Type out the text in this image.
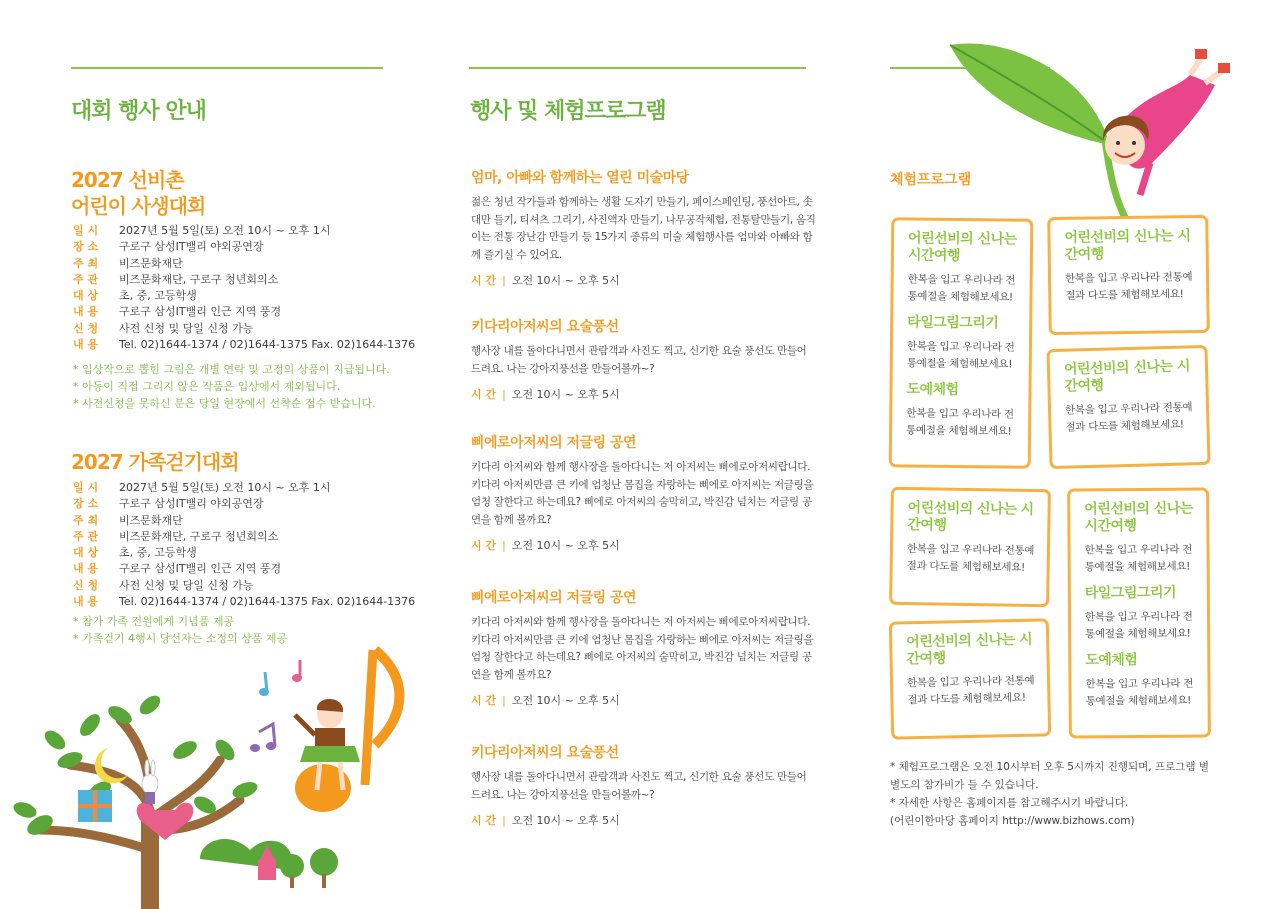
대회 행사 안내
2027 선비촌
어린이 사생대회
일 시	2027년 5월 5일(토) 오전 10시 ~ 오후 1시
장 소	구로구 삼성IT밸리 야외공연장
주 최	비즈문화재단
주 관	비즈문화재단, 구로구 청년회의소
대 상	초, 중, 고등학생
내 용	구로구 삼성IT밸리 인근 지역 풍경
신 청	사전 신청 및 당일 신청 가능
내 용	Tel. 02)1644-1374 / 02)1644-1375 Fax. 02)1644-1376
* 입상작으로 뽑힌 그림은 개별 연락 및 고정의 상품이 지급됩니다.
* 아동이 직접 그리지 않은 작품은 입상에서 제외됩니다.
* 사전신청을 못하신 분은 당일 현장에서 선착순 접수 받습니다.
2027 가족걷기대회
일 시	2027년 5월 5일(토) 오전 10시 ~ 오후 1시
장 소	구로구 삼성IT밸리 야외공연장
주 최	비즈문화재단
주 관	비즈문화재단, 구로구 청년회의소
대 상	초, 중, 고등학생
내 용	구로구 삼성IT밸리 인근 지역 풍경
신 청	사전 신청 및 당일 신청 가능
내 용	Tel. 02)1644-1374 / 02)1644-1375 Fax. 02)1644-1376
* 참가 가족 전원에게 기념품 제공
* 가족걷기 4행시 당선자는 소정의 상품 제공
행사 및 체험프로그램
엄마, 아빠와 함께하는 열린 미술마당
젊은 청년 작가들과 함께하는 생활 도자기 만들기, 페이스페인팅, 풍선아트, 솟대만 들기, 티셔츠 그리기, 사진액자 만들기, 나무공작체험, 전통탈만들기, 움직이는 전통 장난감 만들기 등 15가지 종류의 미술 체험행사를 엄마와 아빠와 함께 즐기실 수 있어요.
시 간 | 오전 10시 ~ 오후 5시
키다리아저씨의 요술풍선
행사장 내를 돌아다니면서 관람객과 사진도 찍고, 신기한 요술 풍선도 만들어드려요. 나는 강아지풍선을 만들어볼까~?
시 간 | 오전 10시 ~ 오후 5시
삐에로아저씨의 저글링 공연
키다리 아저씨와 함께 행사장을 돌아다니는 저 아저씨는 삐에로아저씨랍니다. 키다리 아저씨만큼 큰 키에 엄청난 몸집을 자랑하는 삐에로 아저씨는 저글링을 엄청 잘한다고 하는데요? 삐에로 아저씨의 숨막히고, 박진감 넘치는 저글링 공연을 함께 볼까요?
시 간 | 오전 10시 ~ 오후 5시
삐에로아저씨의 저글링 공연
키다리 아저씨와 함께 행사장을 돌아다니는 저 아저씨는 삐에로아저씨랍니다. 키다리 아저씨만큼 큰 키에 엄청난 몸집을 자랑하는 삐에로 아저씨는 저글링을 엄청 잘한다고 하는데요? 삐에로 아저씨의 숨막히고, 박진감 넘치는 저글링 공연을 함께 볼까요?
시 간 | 오전 10시 ~ 오후 5시
키다리아저씨의 요술풍선
행사장 내를 돌아다니면서 관람객과 사진도 찍고, 신기한 요술 풍선도 만들어드려요. 나는 강아지풍선을 만들어볼까~?
시 간 | 오전 10시 ~ 오후 5시
체험프로그램
어린선비의 신나는 시간여행
한복을 입고 우리나라 전통예절을 체험해보세요!
타일그림그리기
한복을 입고 우리나라 전통예절을 체험해보세요!
도예체험
한복을 입고 우리나라 전통예절을 체험해보세요!
어린선비의 신나는 시간여행
한복을 입고 우리나라 전통예절과 다도를 체험해보세요!
어린선비의 신나는 시간여행
한복을 입고 우리나라 전통예절과 다도를 체험해보세요!
어린선비의 신나는 시간여행
한복을 입고 우리나라 전통예절과 다도를 체험해보세요!
어린선비의 신나는 시간여행
한복을 입고 우리나라 전통예절을 체험해보세요!
타일그림그리기
한복을 입고 우리나라 전통예절을 체험해보세요!
도예체험
한복을 입고 우리나라 전통예절을 체험해보세요!
어린선비의 신나는 시간여행
한복을 입고 우리나라 전통예절과 다도를 체험해보세요!
* 체험프로그램은 오전 10시부터 오후 5시까지 진행되며, 프로그램 별
별도의 참가비가 들 수 있습니다.
* 자세한 사항은 홈페이지를 참고해주시기 바랍니다.
(어린이한마당 홈페이지 http://www.bizhows.com)
